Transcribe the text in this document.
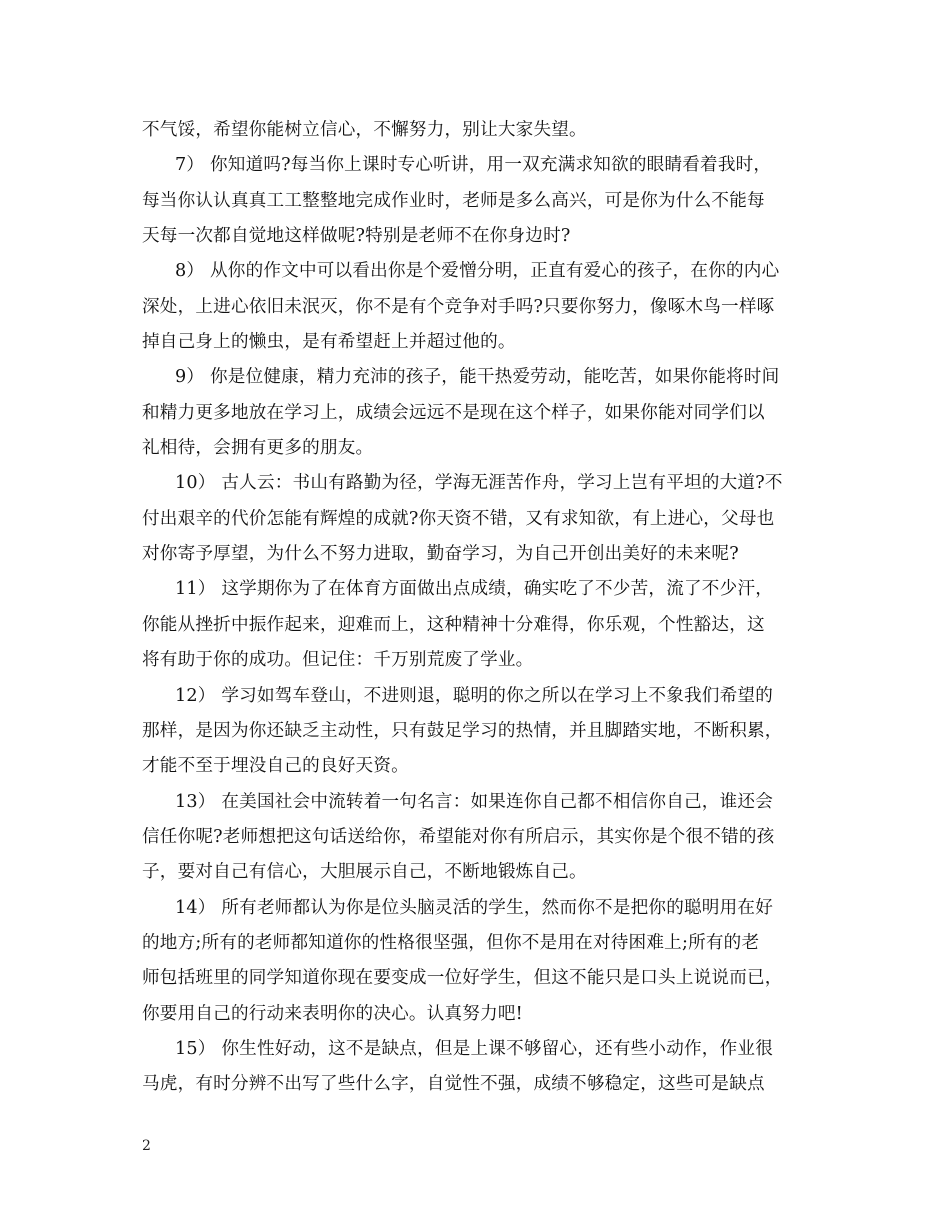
不气馁，希望你能树立信心，不懈努力，别让大家失望。
7） 你知道吗?每当你上课时专心听讲，用一双充满求知欲的眼睛看着我时，
每当你认认真真工工整整地完成作业时，老师是多么高兴，可是你为什么不能每
天每一次都自觉地这样做呢?特别是老师不在你身边时?
8） 从你的作文中可以看出你是个爱憎分明，正直有爱心的孩子，在你的内心
深处，上进心依旧未泯灭，你不是有个竞争对手吗?只要你努力，像啄木鸟一样啄
掉自己身上的懒虫，是有希望赶上并超过他的。
9） 你是位健康，精力充沛的孩子，能干热爱劳动，能吃苦，如果你能将时间
和精力更多地放在学习上，成绩会远远不是现在这个样子，如果你能对同学们以
礼相待，会拥有更多的朋友。
10） 古人云：书山有路勤为径，学海无涯苦作舟，学习上岂有平坦的大道?不
付出艰辛的代价怎能有辉煌的成就?你天资不错，又有求知欲，有上进心，父母也
对你寄予厚望，为什么不努力进取，勤奋学习，为自己开创出美好的未来呢?
11） 这学期你为了在体育方面做出点成绩，确实吃了不少苦，流了不少汗，
你能从挫折中振作起来，迎难而上，这种精神十分难得，你乐观，个性豁达，这
将有助于你的成功。但记住：千万别荒废了学业。
12） 学习如驾车登山，不进则退，聪明的你之所以在学习上不象我们希望的
那样，是因为你还缺乏主动性，只有鼓足学习的热情，并且脚踏实地，不断积累，
才能不至于埋没自己的良好天资。
13） 在美国社会中流转着一句名言：如果连你自己都不相信你自己，谁还会
信任你呢?老师想把这句话送给你，希望能对你有所启示，其实你是个很不错的孩
子，要对自己有信心，大胆展示自己，不断地锻炼自己。
14） 所有老师都认为你是位头脑灵活的学生，然而你不是把你的聪明用在好
的地方;所有的老师都知道你的性格很坚强，但你不是用在对待困难上;所有的老
师包括班里的同学知道你现在要变成一位好学生，但这不能只是口头上说说而已，
你要用自己的行动来表明你的决心。认真努力吧!
15） 你生性好动，这不是缺点，但是上课不够留心，还有些小动作，作业很
马虎，有时分辨不出写了些什么字，自觉性不强，成绩不够稳定，这些可是缺点
2
